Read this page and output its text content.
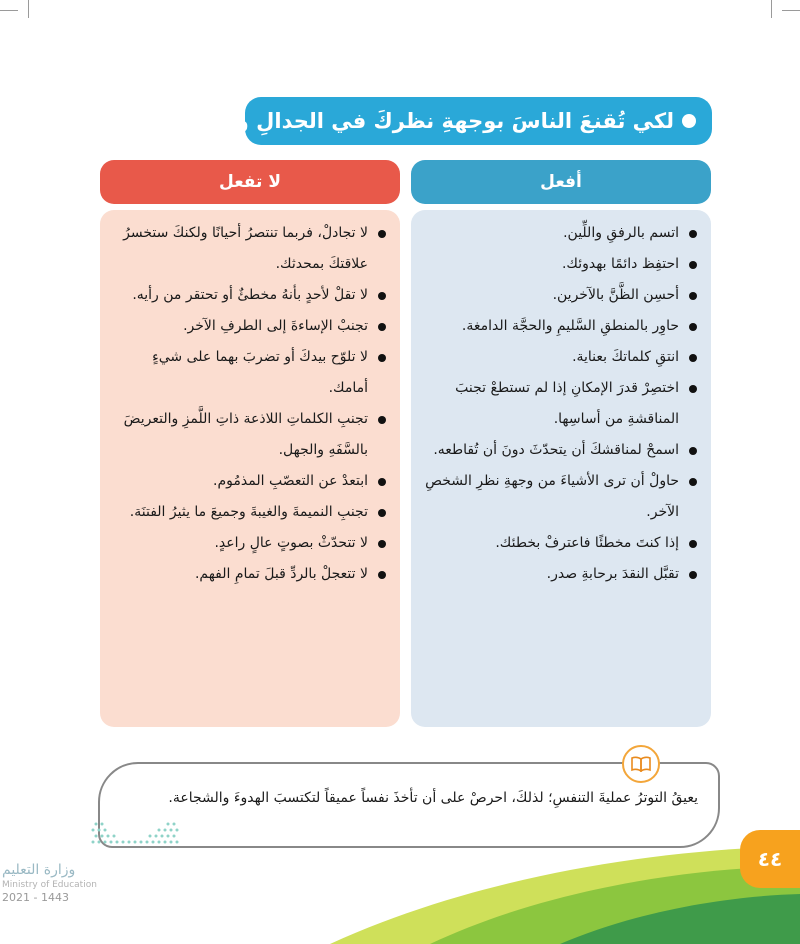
لكي تُقنعَ الناسَ بوجهةِ نظركَ في الجدالِ والنزاعِ :
أفعل
لا تفعل
اتسم بالرفقِ واللِّين.
احتفِظ دائمًا بهدوئك.
أحسِن الظَّنَّ بالآخرين.
حاوِر بالمنطقِ السَّليمِ والحجَّة الدامغة.
انتقِ كلماتكَ بعناية.
اختصِرْ قدرَ الإمكانِ إذا لم تستطعْ تجنبَ المناقشةِ من أساسِها.
اسمحْ لمناقشكَ أن يتحدّثَ دونَ أن تُقاطعه.
حاولْ أن ترى الأشياءَ من وجهةِ نظرِ الشخصِ الآخر.
إذا كنتَ مخطئًا فاعترفْ بخطئك.
تقبَّل النقدَ برحابةِ صدر.
لا تجادلْ، فربما تنتصرُ أحيانًا ولكنكَ ستخسرُ علاقتكَ بمحدثك.
لا تقلْ لأحدٍ بأنهُ مخطئٌ أو تحتقر من رأيه.
تجنبْ الإساءةَ إلى الطرفِ الآخر.
لا تلوّح بيدكَ أو تضربَ بهما على شيءٍ أمامك.
تجنبِ الكلماتِ اللاذعة ذاتِ اللَّمزِ والتعريضَ بالسَّفَهِ والجهل.
ابتعدْ عن التعصّبِ المذمُوم.
تجنبِ النميمةَ والغيبةَ وجميعَ ما يثيرُ الفتنَة.
لا تتحدّثْ بصوتٍ عالٍ راعدٍ.
لا تتعجلْ بالردِّ قبلَ تمامِ الفهم.
يعيقُ التوترُ عمليةَ التنفسِ؛ لذلكَ، احرصْ على أن تأخذَ نفساً عميقاً لتكتسبَ الهدوءَ والشجاعة.
٤٤
وزارة التعليم
Ministry of Education
2021 - 1443
